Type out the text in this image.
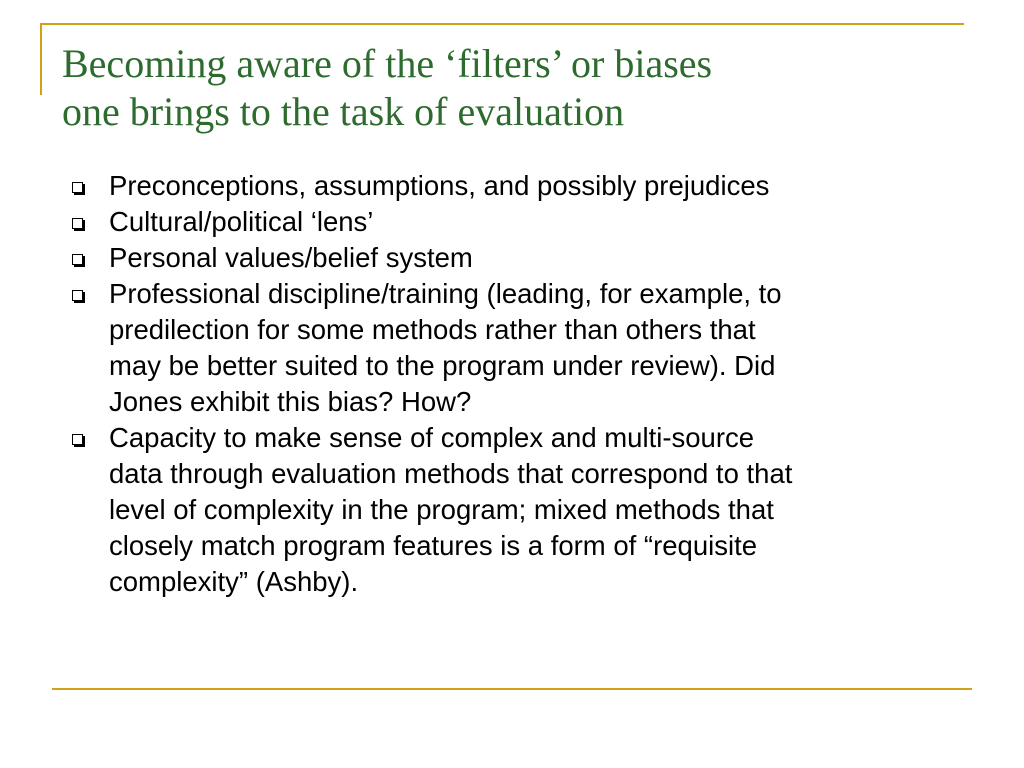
Becoming aware of the ‘filters’ or biases
one brings to the task of evaluation
Preconceptions, assumptions, and possibly prejudices
Cultural/political ‘lens’
Personal values/belief system
Professional discipline/training (leading, for example, to
predilection for some methods rather than others that
may be better suited to the program under review). Did
Jones exhibit this bias? How?
Capacity to make sense of complex and multi-source
data through evaluation methods that correspond to that
level of complexity in the program; mixed methods that
closely match program features is a form of “requisite
complexity” (Ashby).
